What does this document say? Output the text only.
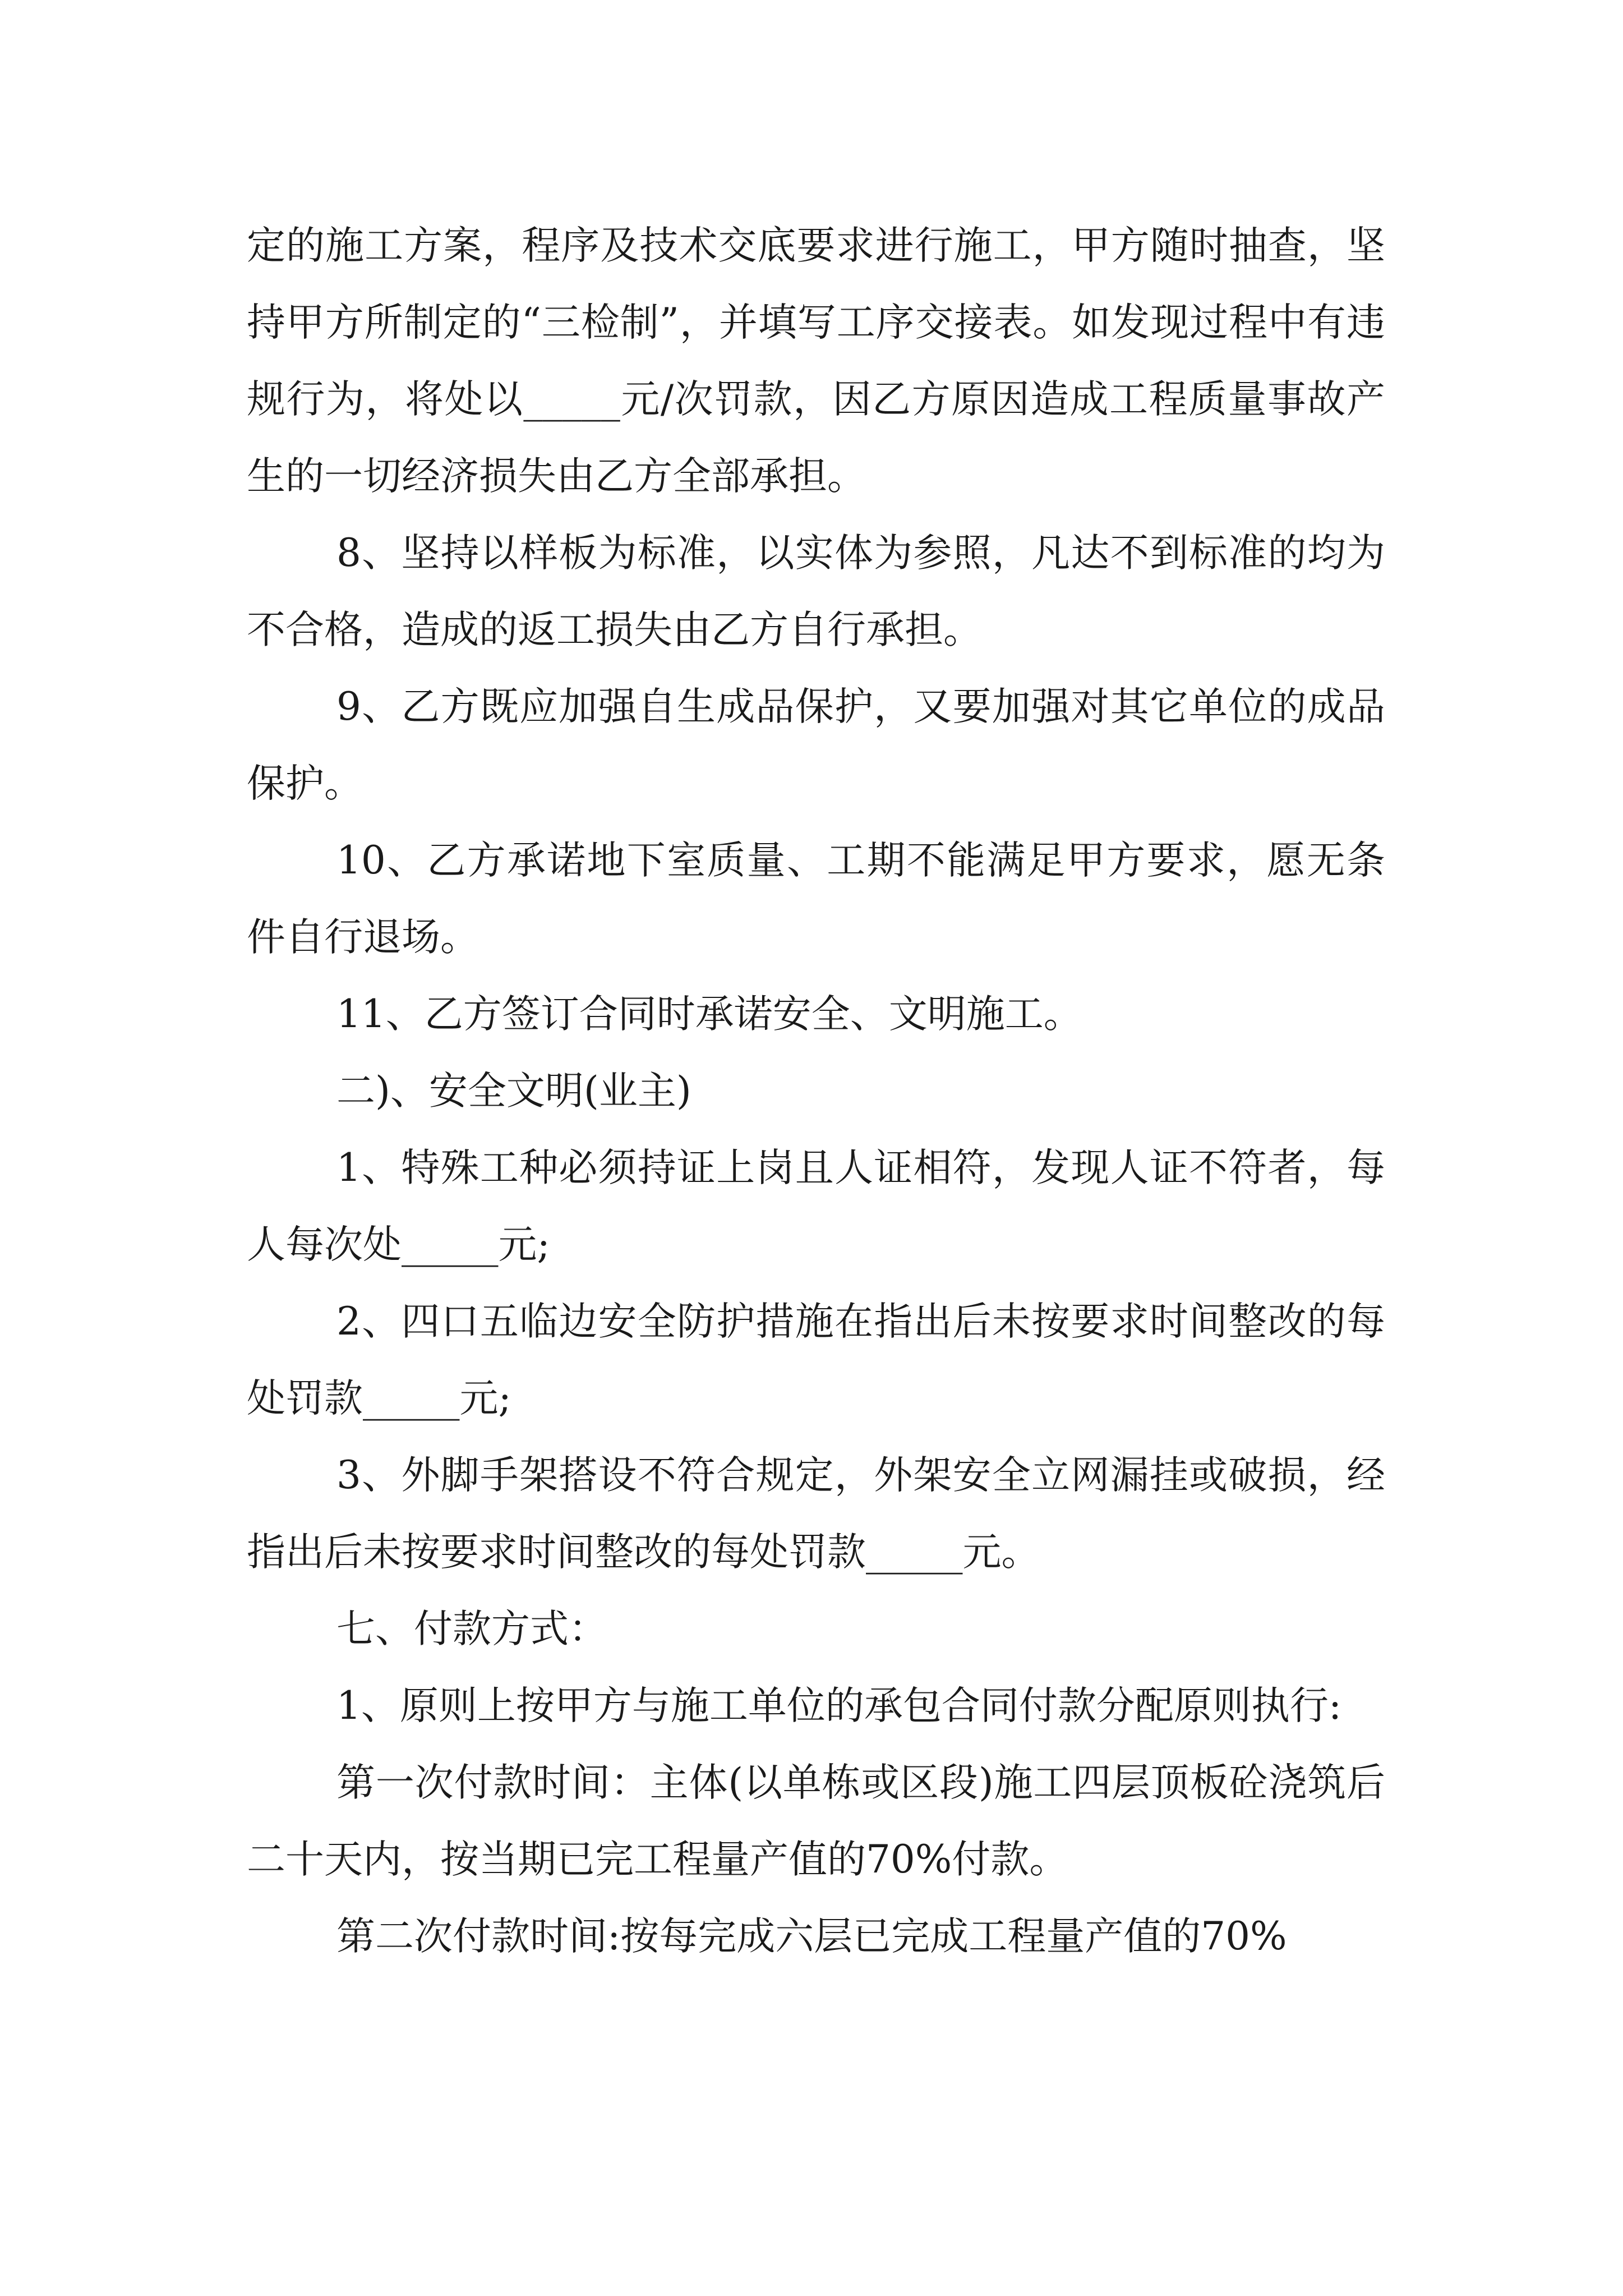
定的施工方案，程序及技术交底要求进行施工，甲方随时抽查，坚持甲方所制定的“三检制”，并填写工序交接表。如发现过程中有违规行为，将处以_____元/次罚款，因乙方原因造成工程质量事故产生的一切经济损失由乙方全部承担。

8、坚持以样板为标准，以实体为参照，凡达不到标准的均为不合格，造成的返工损失由乙方自行承担。

9、乙方既应加强自生成品保护，又要加强对其它单位的成品保护。

10、乙方承诺地下室质量、工期不能满足甲方要求，愿无条件自行退场。

11、乙方签订合同时承诺安全、文明施工。

二)、安全文明(业主)

1、特殊工种必须持证上岗且人证相符，发现人证不符者，每人每次处_____元;

2、四口五临边安全防护措施在指出后未按要求时间整改的每处罚款_____元;

3、外脚手架搭设不符合规定，外架安全立网漏挂或破损，经指出后未按要求时间整改的每处罚款_____元。

七、付款方式：

1、原则上按甲方与施工单位的承包合同付款分配原则执行:

第一次付款时间：主体(以单栋或区段)施工四层顶板砼浇筑后二十天内，按当期已完工程量产值的70%付款。

第二次付款时间:按每完成六层已完成工程量产值的70%
